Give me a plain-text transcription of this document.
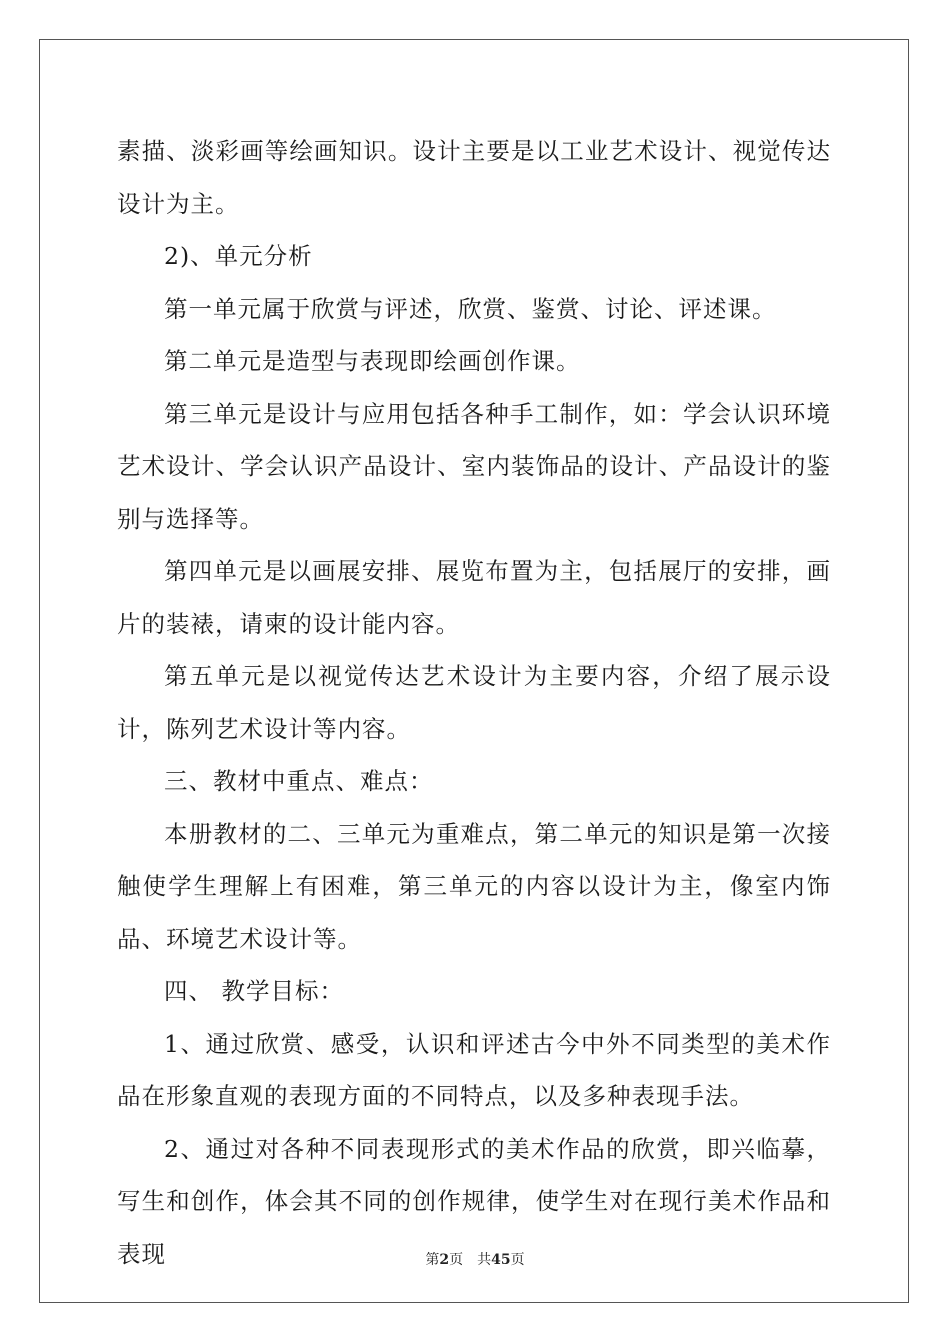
素描、淡彩画等绘画知识。设计主要是以工业艺术设计、视觉传达设计为主。

2)、单元分析

第一单元属于欣赏与评述，欣赏、鉴赏、讨论、评述课。

第二单元是造型与表现即绘画创作课。

第三单元是设计与应用包括各种手工制作，如：学会认识环境艺术设计、学会认识产品设计、室内装饰品的设计、产品设计的鉴别与选择等。

第四单元是以画展安排、展览布置为主，包括展厅的安排，画片的装裱，请柬的设计能内容。

第五单元是以视觉传达艺术设计为主要内容，介绍了展示设计，陈列艺术设计等内容。

三、教材中重点、难点：

本册教材的二、三单元为重难点，第二单元的知识是第一次接触使学生理解上有困难，第三单元的内容以设计为主，像室内饰品、环境艺术设计等。

四、 教学目标：

1、通过欣赏、感受，认识和评述古今中外不同类型的美术作品在形象直观的表现方面的不同特点，以及多种表现手法。

2、通过对各种不同表现形式的美术作品的欣赏，即兴临摹，写生和创作，体会其不同的创作规律，使学生对在现行美术作品和表现	第2页 共45页
